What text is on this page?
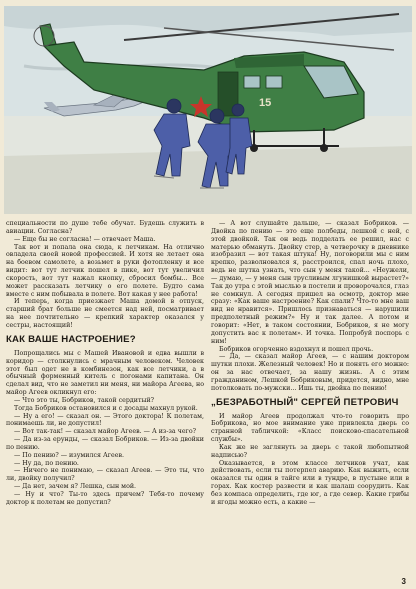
15

специальности по душе тебе обучат. Будешь служить в авиации. Согласна?

— Еще бы не согласна! — отвечает Маша.

Так вот и попала она сюда, к летчикам. На отлично овладела своей новой профессией. И хотя не летает она на боевом самолете, а возьмет в руки фотопленку и все видит: вот тут летчик пошел в пике, вот тут увеличил скорость, вот тут нажал кнопку, сбросил бомбы... Все может рассказать летчику о его полете. Будто сама вместе с ним побывала в полете. Вот какая у нее работа!

И теперь, когда приезжает Маша домой в отпуск, старший брат больше не смеется над ней, посматривает на нее почтительно — крепкий характер оказался у сестры, настоящий!

КАК ВАШЕ НАСТРОЕНИЕ?

Попрощались мы с Машей Ивановой и едва вышли в коридор — столкнулись с мрачным человеком. Человек этот был одет не в комбинезон, как все летчики, а в обычный форменный китель с погонами капитана. Он сделал вид, что не заметил ни меня, ни майора Агеева, но майор Агеев окликнул его:

— Что это ты, Бобриков, такой сердитый?

Тогда Бобриков остановился и с досады махнул рукой.

— Ну а его! — сказал он. — Этого доктора! К полетам, понимаешь ли, не допустил!

— Вот так-так! — сказал майор Агеев. — А из-за чего?

— Да из-за ерунды, — сказал Бобриков. — Из-за двойки по пению.

— По пению? — изумился Агеев.

— Ну да, по пению.

— Ничего не понимаю, — сказал Агеев. — Это ты, что ли, двойку получил?

— Да нет, зачем я? Лешка, сын мой.

— Ну и что? Ты-то здесь причем? Тебя-то почему доктор к полетам не допустил?

— А вот слушайте дальше, — сказал Бобриков. — Двойка по пению — это еще полбеды, лешкой с ней, с этой двойкой. Так он ведь подделать ее решил, нас с матерью обмануть. Двойку стер, а четверочку в дневнике изобразил — вот такая штука! Ну, поговорили мы с ним крепко, разволновался я, расстроился, спал ночь плохо, ведь не шутка узнать, что сын у меня такой... «Неужели, — думаю, — у меня сын трусливым лгунишкой вырастет?» Так до утра с этой мыслью в постели и проворочался, глаз не сомкнул. А сегодня пришел на осмотр, доктор мне сразу: «Как ваше настроение? Как спали? Что-то мне ваш вид не нравится». Пришлось признаваться — нарушили предполетный режим?» Ну и так далее. А потом и говорит: «Нет, в таком состоянии, Бобриков, я не могу допустить вас к полетам». И точка. Попробуй поспорь с ним!

Бобриков огорченно вздохнул и пошел прочь.

— Да, — сказал майор Агеев, — с нашим доктором шутки плохи. Железный человек! Но и понять его можно: он за нас отвечает, за нашу жизнь. А с этим гражданином, Лешкой Бобриковым, придется, видно, мне потолковать по-мужски... Ишь ты, двойка по пению!

„БЕЗРАБОТНЫЙ" СЕРГЕЙ ПЕТРОВИЧ

И майор Агеев продолжал что-то говорить про Бобрикова, но мое внимание уже привлекла дверь со странной табличкой: «Класс поисково-спасательной службы».

Как же не заглянуть за дверь с такой любопытной надписью?

Оказывается, в этом классе летчиков учат, как действовать, если ты потерпел аварию. Как выжить, если оказался ты один в тайге или в тундре, в пустыне или в горах. Как костер развести и как шалаш соорудить. Как без компаса определить, где юг, а где север. Какие грибы и ягоды можно есть, а какие —

3
